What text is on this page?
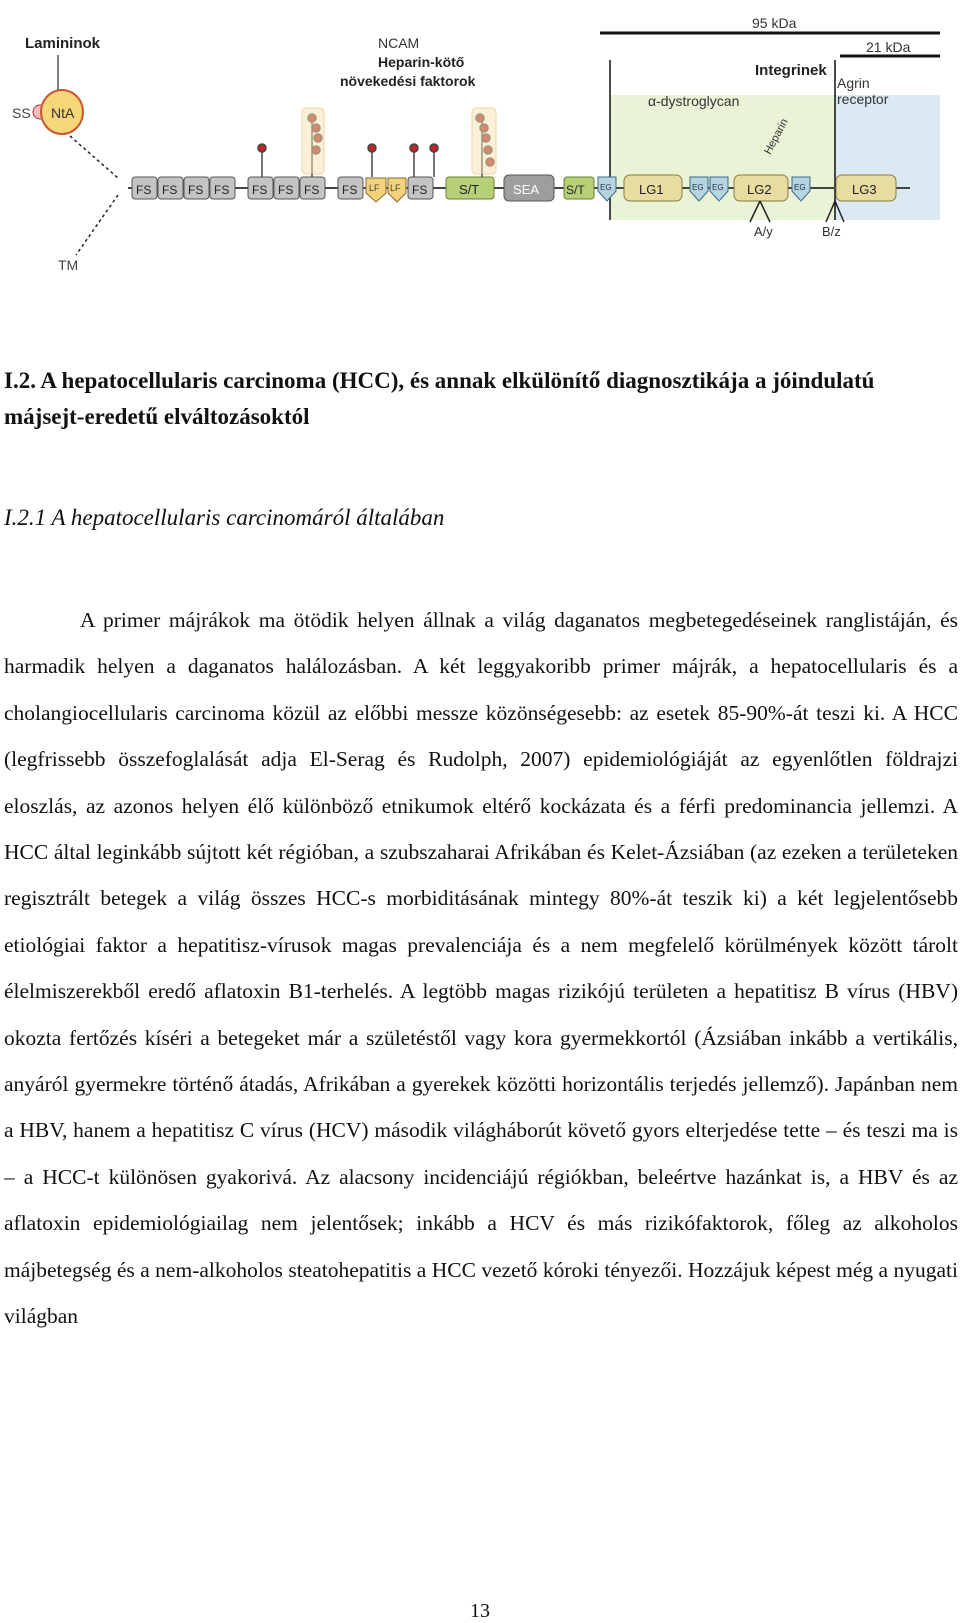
95 kDa
21 kDa
Lamininok
SS NtA
TM
NCAM
Heparin-kötő
növekedési faktorok
Integrinek
Agrin
receptor
α-dystroglycan
Heparin
FS FS FS FS FS FS FS FS	FS
LF LF	S/T	SEA S/T EG	EG EG	EG
LG1	LG2	LG3
A/y	B/z
I.2. A hepatocellularis carcinoma (HCC), és annak elkülönítő diagnosztikája a jóindulatú májsejt-eredetű elváltozásoktól
I.2.1 A hepatocellularis carcinomáról általában
A primer májrákok ma ötödik helyen állnak a világ daganatos megbetegedéseinek ranglistáján, és harmadik helyen a daganatos halálozásban. A két leggyakoribb primer májrák, a hepatocellularis és a cholangiocellularis carcinoma közül az előbbi messze közönségesebb: az esetek 85-90%-át teszi ki. A HCC (legfrissebb összefoglalását adja El-Serag és Rudolph, 2007) epidemiológiáját az egyenlőtlen földrajzi eloszlás, az azonos helyen élő különböző etnikumok eltérő kockázata és a férfi predominancia jellemzi. A HCC által leginkább sújtott két régióban, a szubszaharai Afrikában és Kelet-Ázsiában (az ezeken a területeken regisztrált betegek a világ összes HCC-s morbiditásának mintegy 80%-át teszik ki) a két legjelentősebb etiológiai faktor a hepatitisz-vírusok magas prevalenciája és a nem megfelelő körülmények között tárolt élelmiszerekből eredő aflatoxin B1-terhelés. A legtöbb magas rizikójú területen a hepatitisz B vírus (HBV) okozta fertőzés kíséri a betegeket már a születéstől vagy kora gyermekkortól (Ázsiában inkább a vertikális, anyáról gyermekre történő átadás, Afrikában a gyerekek közötti horizontális terjedés jellemző). Japánban nem a HBV, hanem a hepatitisz C vírus (HCV) második világháborút követő gyors elterjedése tette – és teszi ma is – a HCC-t különösen gyakorivá. Az alacsony incidenciájú régiókban, beleértve hazánkat is, a HBV és az aflatoxin epidemiológiailag nem jelentősek; inkább a HCV és más rizikófaktorok, főleg az alkoholos májbetegség és a nem-alkoholos steatohepatitis a HCC vezető kóroki tényezői. Hozzájuk képest még a nyugati világban
13
